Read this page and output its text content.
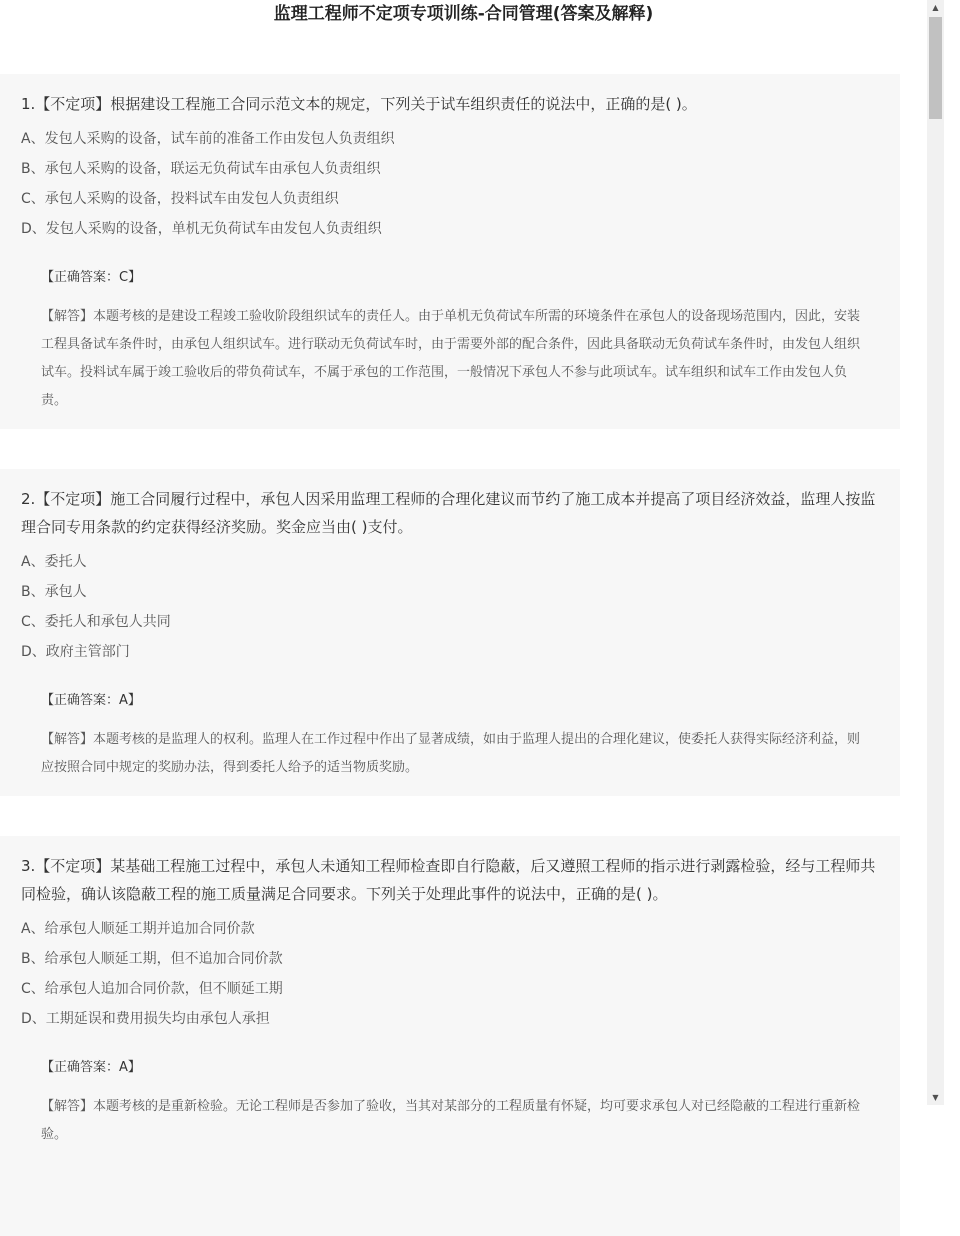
监理工程师不定项专项训练-合同管理(答案及解释)

1.【不定项】根据建设工程施工合同示范文本的规定，下列关于试车组织责任的说法中，正确的是( )。

A、发包人采购的设备，试车前的准备工作由发包人负责组织
B、承包人采购的设备，联运无负荷试车由承包人负责组织
C、承包人采购的设备，投料试车由发包人负责组织
D、发包人采购的设备，单机无负荷试车由发包人负责组织
【正确答案：C】
【解答】本题考核的是建设工程竣工验收阶段组织试车的责任人。由于单机无负荷试车所需的环境条件在承包人的设备现场范围内，因此，安装工程具备试车条件时，由承包人组织试车。进行联动无负荷试车时，由于需要外部的配合条件，因此具备联动无负荷试车条件时，由发包人组织试车。投料试车属于竣工验收后的带负荷试车，不属于承包的工作范围，一般情况下承包人不参与此项试车。试车组织和试车工作由发包人负责。

2.【不定项】施工合同履行过程中，承包人因采用监理工程师的合理化建议而节约了施工成本并提高了项目经济效益，监理人按监理合同专用条款的约定获得经济奖励。奖金应当由( )支付。

A、委托人
B、承包人
C、委托人和承包人共同
D、政府主管部门
【正确答案：A】
【解答】本题考核的是监理人的权利。监理人在工作过程中作出了显著成绩，如由于监理人提出的合理化建议，使委托人获得实际经济利益，则应按照合同中规定的奖励办法，得到委托人给予的适当物质奖励。

3.【不定项】某基础工程施工过程中，承包人未通知工程师检查即自行隐蔽，后又遵照工程师的指示进行剥露检验，经与工程师共同检验，确认该隐蔽工程的施工质量满足合同要求。下列关于处理此事件的说法中，正确的是( )。

A、给承包人顺延工期并追加合同价款
B、给承包人顺延工期，但不追加合同价款
C、给承包人追加合同价款，但不顺延工期
D、工期延误和费用损失均由承包人承担
【正确答案：A】
【解答】本题考核的是重新检验。无论工程师是否参加了验收，当其对某部分的工程质量有怀疑，均可要求承包人对已经隐蔽的工程进行重新检验。
▲
▼
